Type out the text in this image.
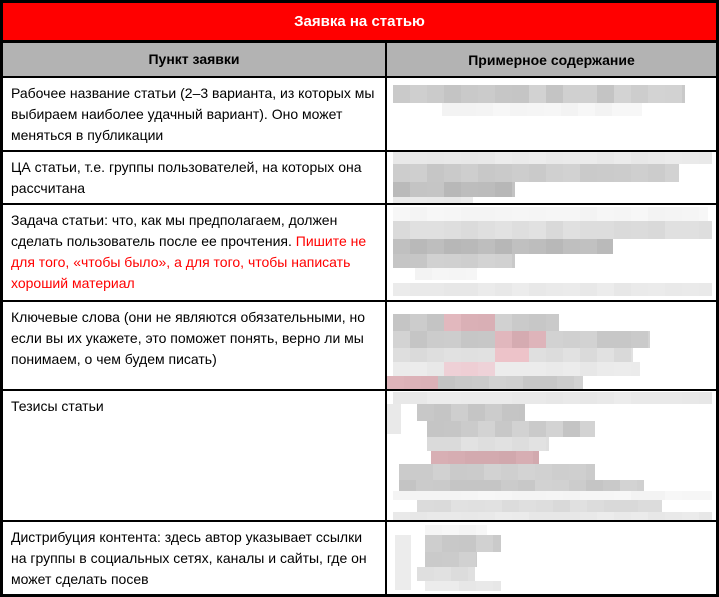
Заявка на статью
Пункт заявки	Примерное содержание
Рабочее название статьи (2–3 варианта, из которых мы выбираем наиболее удачный вариант). Оно может меняться в публикации
ЦА статьи, т.е. группы пользователей, на которых она рассчитана
Задача статьи: что, как мы предполагаем, должен сделать пользователь после ее прочтения. Пишите не для того, «чтобы было», а для того, чтобы написать хороший материал
Ключевые слова (они не являются обязательными, но если вы их укажете, это поможет понять, верно ли мы понимаем, о чем будем писать)
Тезисы статьи
Дистрибуция контента: здесь автор указывает ссылки на группы в социальных сетях, каналы и сайты, где он может сделать посев
